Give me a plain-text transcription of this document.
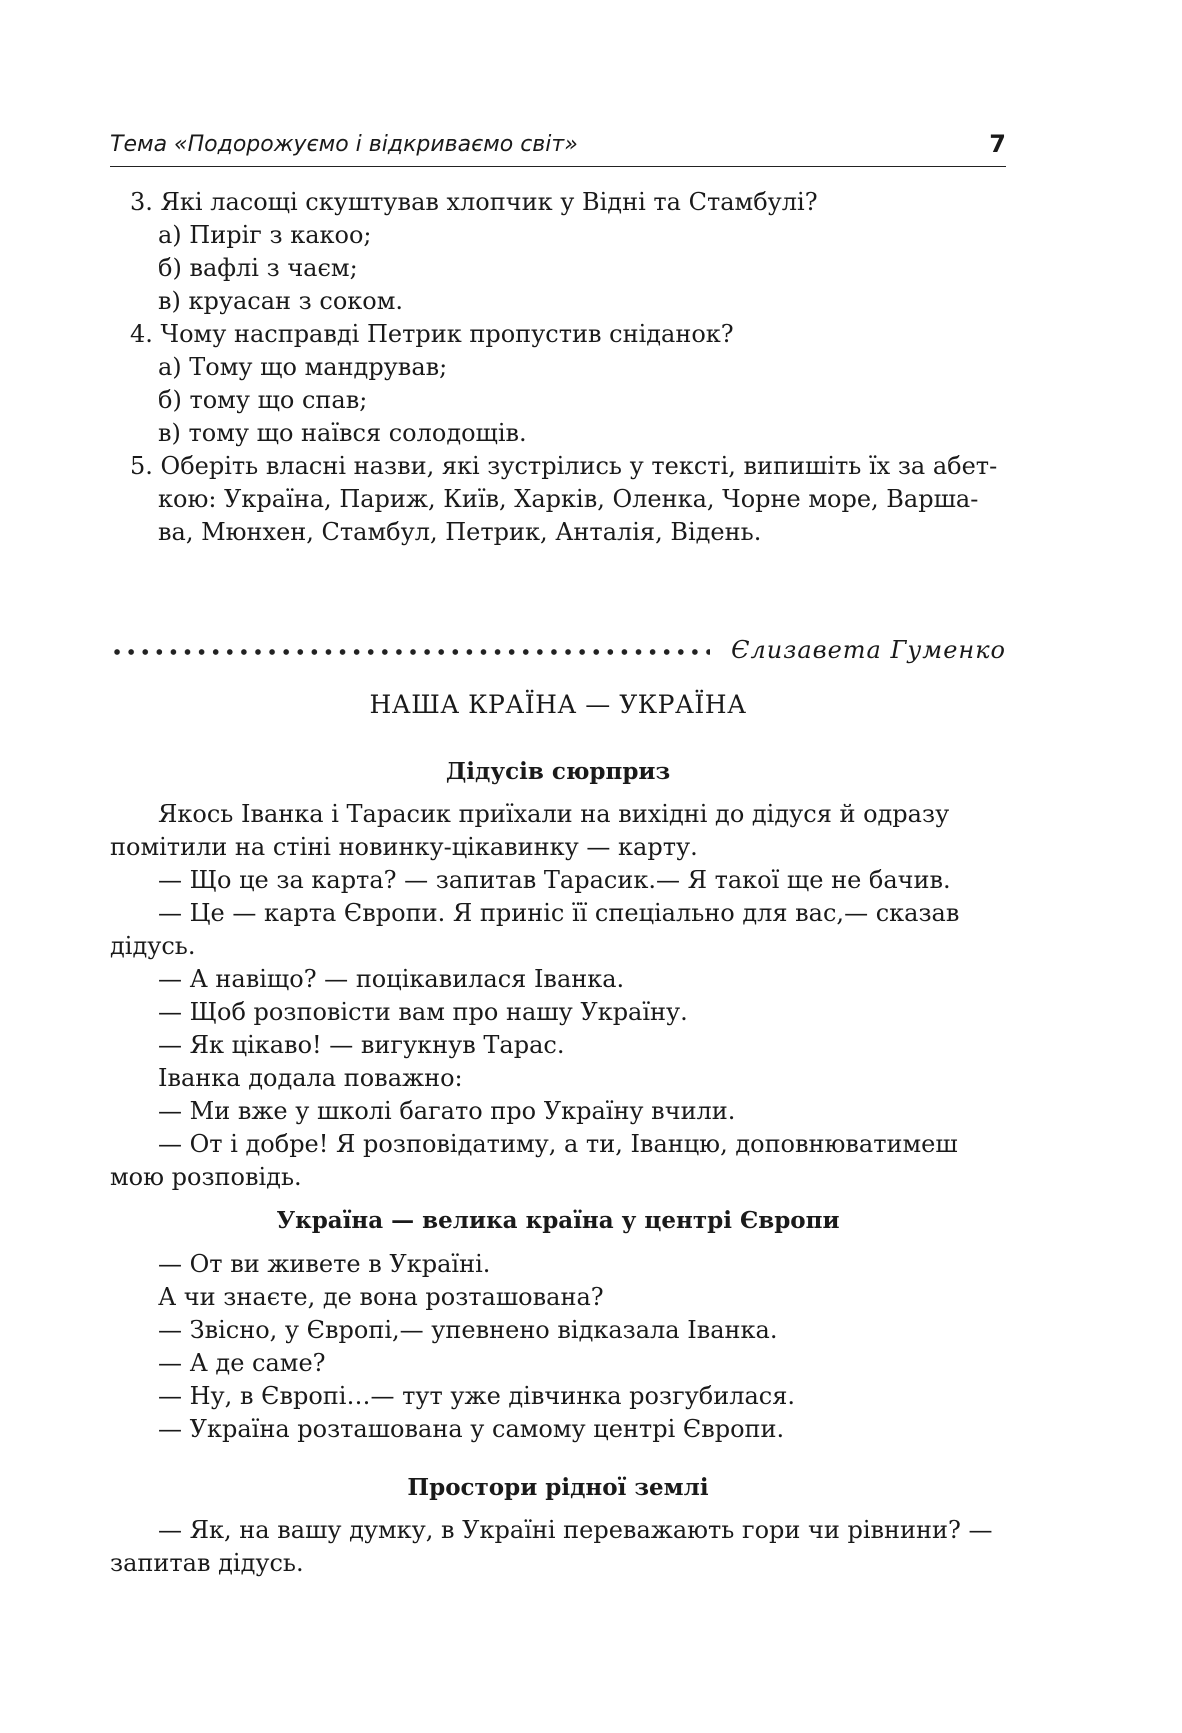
Тема «Подорожуємо і відкриваємо світ»	7
3. Які ласощі скуштував хлопчик у Відні та Стамбулі?
а) Пиріг з какоо;
б) вафлі з чаєм;
в) круасан з соком.
4. Чому насправді Петрик пропустив сніданок?
а) Тому що мандрував;
б) тому що спав;
в) тому що наївся солодощів.
5. Оберіть власні назви, які зустрілись у тексті, випишіть їх за абет-
кою: Україна, Париж, Київ, Харків, Оленка, Чорне море, Варша-
ва, Мюнхен, Стамбул, Петрик, Анталія, Відень.
Єлизавета Гуменко
НАША КРАЇНА — УКРАЇНА
Дідусів сюрприз
Якось Іванка і Тарасик приїхали на вихідні до дідуся й одразу
помітили на стіні новинку-цікавинку — карту.
— Що це за карта? — запитав Тарасик.— Я такої ще не бачив.
— Це — карта Європи. Я приніс її спеціально для вас,— сказав
дідусь.
— А навіщо? — поцікавилася Іванка.
— Щоб розповісти вам про нашу Україну.
— Як цікаво! — вигукнув Тарас.
Іванка додала поважно:
— Ми вже у школі багато про Україну вчили.
— От і добре! Я розповідатиму, а ти, Іванцю, доповнюватимеш
мою розповідь.
Україна — велика країна у центрі Європи
— От ви живете в Україні.
А чи знаєте, де вона розташована?
— Звісно, у Європі,— упевнено відказала Іванка.
— А де саме?
— Ну, в Європі…— тут уже дівчинка розгубилася.
— Україна розташована у самому центрі Європи.
Простори рідної землі
— Як, на вашу думку, в Україні переважають гори чи рівнини? —
запитав дідусь.
